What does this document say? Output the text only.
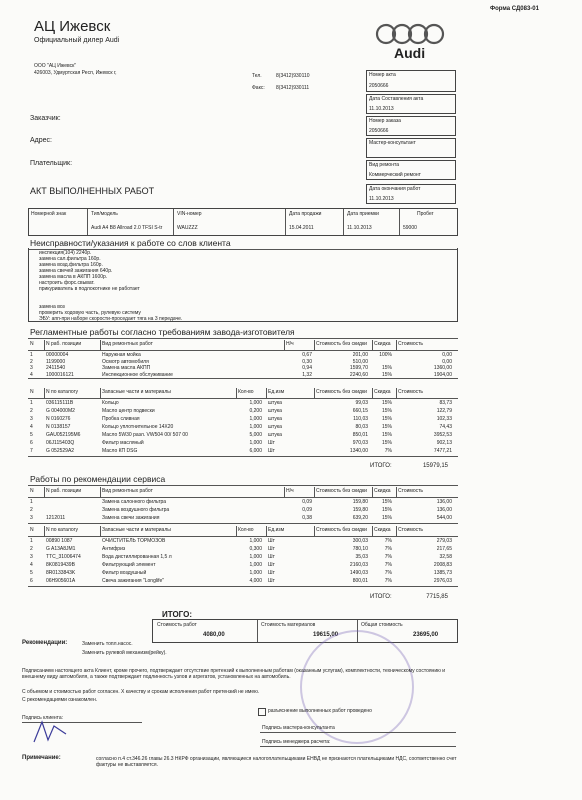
Форма СД083-01
АЦ Ижевск
Официальный дилер Audi
ООО "АЦ Ижевск"
426003, Удмуртская Респ, Ижевск г,	Тел.	8(3412)930110
Факс: 8(3412)930111
Audi
Номер акта
2050666
Дата Составления акта
11.10.2013
Номер заказа
2050666
Мастер-консультант
Вид ремонта
Коммерческий ремонт
Дата окончания работ
11.10.2013
Заказчик:
Адрес:
Плательщик:
АКТ ВЫПОЛНЕННЫХ РАБОТ
Номерной знак	Тип/модель	VIN-номер	Дата продажи	Дата приемки	Пробег
Audi A4 B8 Allroad 2.0 TFSI S-tr	WAUZZZ	15.04.2011	11.10.2013	59000
Неисправности/указания к работе со слов клиента
инспекция(104) 2240р.
замена сал.фильтра 160р.
замена возд.фильтра 160р.
замена свечей зажигания 640р.
замена масла в АКПП 1600р.
настроить форс.свыват.
прикуриватель в подлокотнике не работает
замена воз
проверить ходовую часть, рулевую систему
ЭБУ: апп-при наборе скорости-проседает тяга на 3 передаче.
Регламентные работы согласно требованиям завода-изготовителя
N N раб. позиции	Вид ремонтных работ	Н/ч	Стоимость без скидки Скидка Стоимость
1	00000004	Наружная мойка	0,67	201,00	100%	0,00
2	1199000	Осмотр автомобиля	0,30	510,00	0,00
3	2411540	Замена масла АКПП	0,94	1599,70	15%	1360,00
4	1000016121	Инспекционное обслуживание	1,32	2240,60	15%	1904,00
N N по каталогу	Запасные части и материалы	Кол-во	Ед.изм	Стоимость без скидки Скидка Стоимость
1	036115111B	Кольцо	1,000 штука	99,03	15%	83,73
2	G 004000M2	Масло центр подвески	0,200 штука	660,15	15%	122,79
3	N 0160276	Пробка сливная	1,000 штука	110,03	15%	102,33
4	N 0138157	Кольцо уплотнительное 14X20	1,000 штука	80,03	15%	74,43
5	GAU052195M6	Масло 5W30 разл. VW504 00/ 507 00	5,000 штука	850,01	15%	3952,53
6	06J115403Q	Фильтр масляный	1,000 Шт	970,03	15%	902,13
7	G 052529A2	Масло КП DSG	6,000 Шт	1340,00	7%	7477,21
ИТОГО:	15979,15
Работы по рекомендации сервиса
N N раб. позиции	Вид ремонтных работ	Н/ч	Стоимость без скидки Скидка Стоимость
1	Замена салонного фильтра	0,09	159,80	15%	136,00
2	Замена воздушного фильтра	0,09	159,80	15%	136,00
3	1212011	Замена свечи зажигания	0,38	639,20	15%	544,00
N N по каталогу	Запасные части и материалы	Кол-во	Ед.изм	Стоимость без скидки Скидка Стоимость
1	00890 1087	ОЧИСТИТЕЛЬ ТОРМОЗОВ	1,000 Шт	300,03	7%	279,03
2	G A13A8JM1	Антифриз	0,300 Шт	780,10	7%	217,65
3	TTC_31006474	Вода дистиллированная 1,5 л	1,000 Шт	35,03	7%	32,58
4	8K0819439B	Фильтрующий элемент	1,000 Шт	2160,03	7%	2008,83
5	8R0133843K	Фильтр воздушный	1,000 Шт	1490,03	7%	1385,73
6	06H905601A	Свеча зажигания "Longlife"	4,000 Шт	800,01	7%	2976,03
ИТОГО:	7715,85
ИТОГО:
Стоимость работ	Стоимость материалов	Общая стоимость
4080,00	19615,00	23695,00
Рекомендации:	Заменить топл.насос.
Заменить рулевой механизм(рейку).
Подписанием настоящего акта Клиент, кроме прочего, подтверждает отсутствие претензий к выполненным работам (оказанным услугам), комплектности, техническому состоянию и внешнему виду автомобиля, а также подтверждает подлинность узлов и агрегатов, установленных на автомобиль.
С объемом и стоимостью работ согласен. Х качеству и срокам исполнения работ претензий не имею.
С рекомендациями ознакомлен.
Подпись клиента:
разъяснение выполненных работ проведено
Подпись мастера-консультанта
Подпись менеджера расчета:
Примечание:	согласно п.4 ст.346.26 главы 26.3 НКРФ организации, являющиеся налогоплательщиками ЕНВД не признаются плательщиками НДС, соответственно счет фактуры не выставляется.
